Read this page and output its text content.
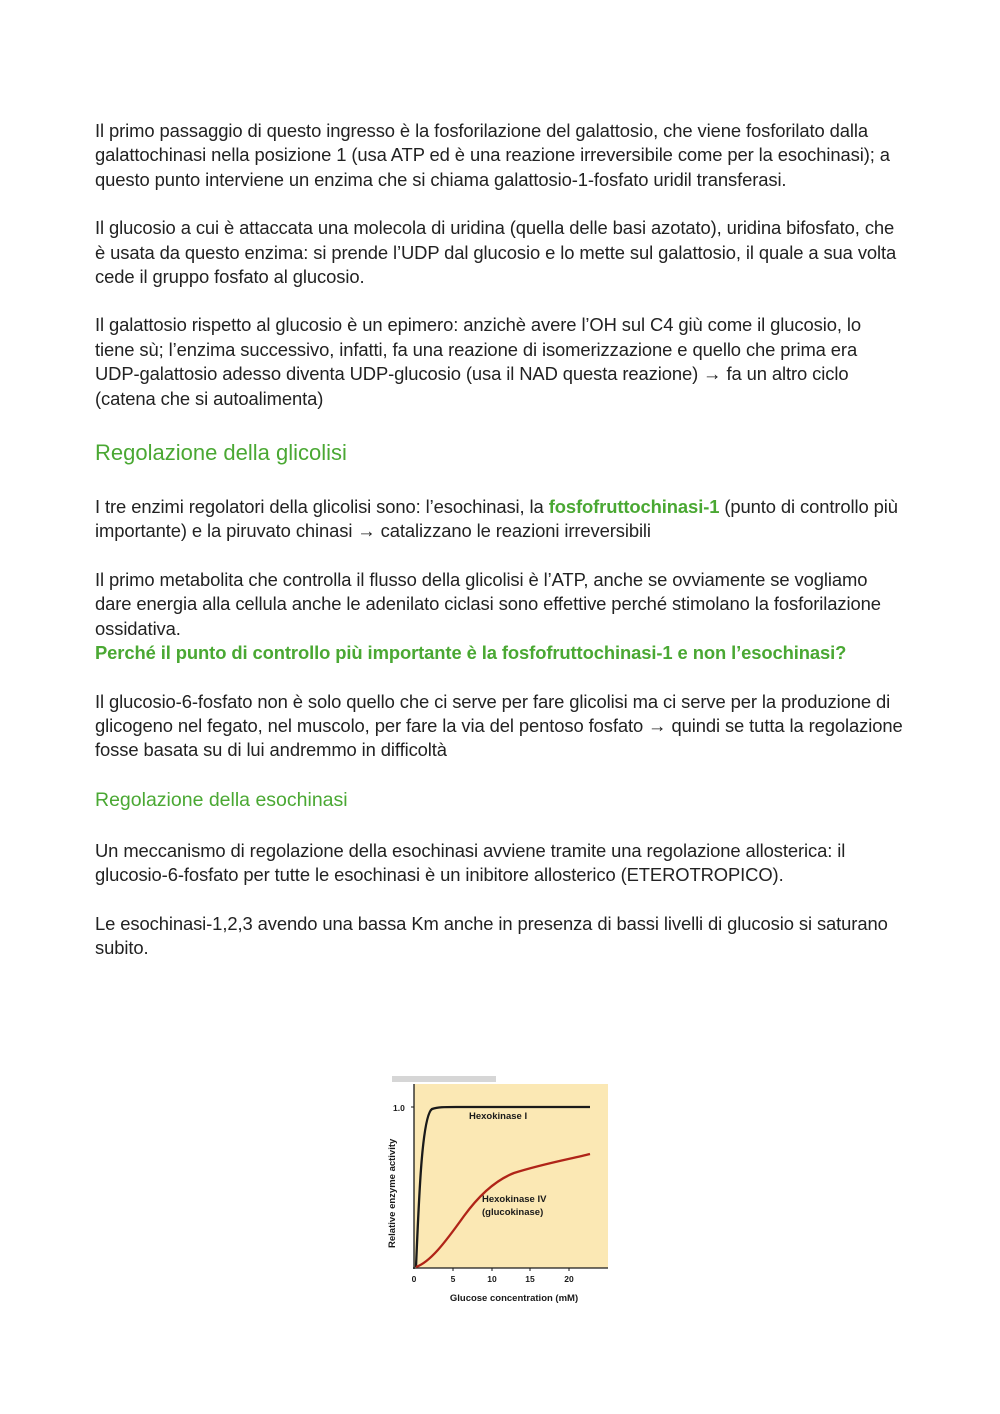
Il primo passaggio di questo ingresso è la fosforilazione del galattosio, che viene fosforilato dalla galattochinasi nella posizione 1 (usa ATP ed è una reazione irreversibile come per la esochinasi); a questo punto interviene un enzima che si chiama galattosio-1-fosfato uridil transferasi.

Il glucosio a cui è attaccata una molecola di uridina (quella delle basi azotato), uridina bifosfato, che è usata da questo enzima: si prende l’UDP dal glucosio e lo mette sul galattosio, il quale a sua volta cede il gruppo fosfato al glucosio.

Il galattosio rispetto al glucosio è un epimero: anzichè avere l’OH sul C4 giù come il glucosio, lo tiene sù; l’enzima successivo, infatti, fa una reazione di isomerizzazione e quello che prima era UDP-galattosio adesso diventa UDP-glucosio (usa il NAD questa reazione) → fa un altro ciclo (catena che si autoalimenta)

Regolazione della glicolisi

I tre enzimi regolatori della glicolisi sono: l’esochinasi, la fosfofruttochinasi-1 (punto di controllo più importante) e la piruvato chinasi → catalizzano le reazioni irreversibili

Il primo metabolita che controlla il flusso della glicolisi è l’ATP, anche se ovviamente se vogliamo dare energia alla cellula anche le adenilato ciclasi sono effettive perché stimolano la fosforilazione ossidativa.

Perché il punto di controllo più importante è la fosfofruttochinasi-1 e non l’esochinasi?

Il glucosio-6-fosfato non è solo quello che ci serve per fare glicolisi ma ci serve per la produzione di glicogeno nel fegato, nel muscolo, per fare la via del pentoso fosfato → quindi se tutta la regolazione fosse basata su di lui andremmo in difficoltà

Regolazione della esochinasi

Un meccanismo di regolazione della esochinasi avviene tramite una regolazione allosterica: il glucosio-6-fosfato per tutte le esochinasi è un inibitore allosterico (ETEROTROPICO).

Le esochinasi-1,2,3 avendo una bassa Km anche in presenza di bassi livelli di glucosio si saturano subito.

1.0
Hexokinase I
Hexokinase IV
(glucokinase)
Relative enzyme activity
0	5	10	15	20
Glucose concentration (mM)
